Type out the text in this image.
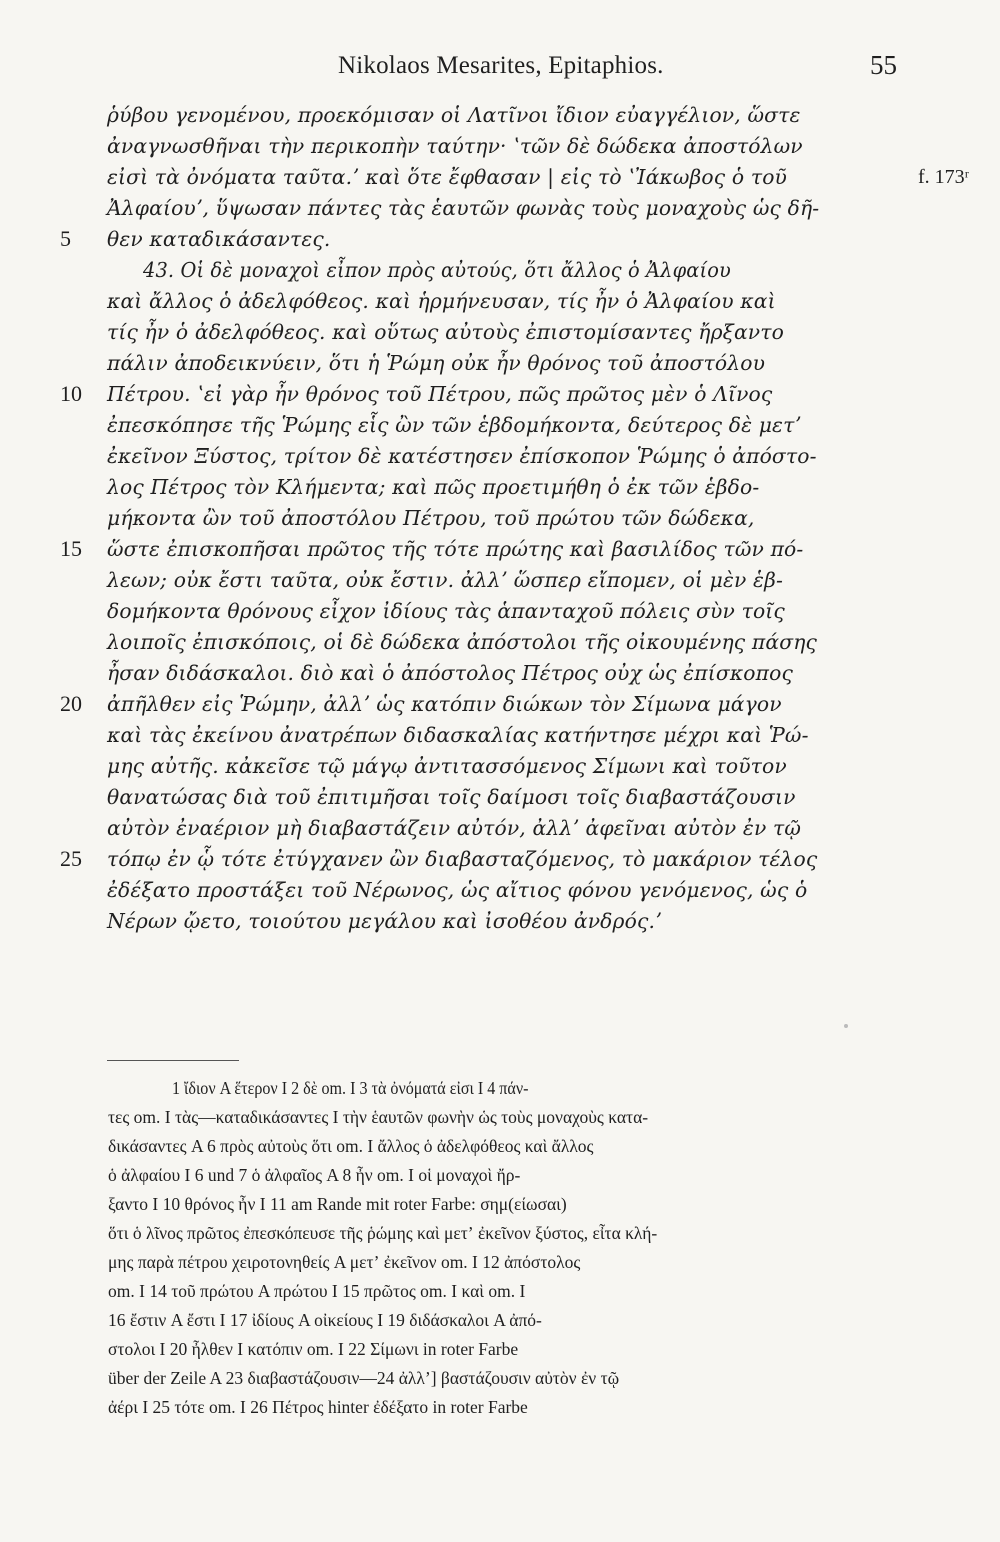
Nikolaos Mesarites, Epitaphios.	55
ῥύβου γενομένου, προεκόμισαν οἱ Λατῖνοι ἴδιον εὐαγγέλιον, ὥστε
ἀναγνωσθῆναι τὴν περικοπὴν ταύτην· ʽτῶν δὲ δώδεκα ἀποστόλων
εἰσὶ τὰ ὀνόματα ταῦτα.ʼ καὶ ὅτε ἔφθασαν | εἰς τὸ ʽἸάκωβος ὁ τοῦ
Ἀλφαίουʼ, ὕψωσαν πάντες τὰς ἑαυτῶν φωνὰς τοὺς μοναχοὺς ὡς δῆ-
θεν καταδικάσαντες.
43. Οἱ δὲ μοναχοὶ εἶπον πρὸς αὐτούς, ὅτι ἄλλος ὁ Ἀλφαίου
καὶ ἄλλος ὁ ἀδελφόθεος. καὶ ἡρμήνευσαν, τίς ἦν ὁ Ἀλφαίου καὶ
τίς ἦν ὁ ἀδελφόθεος. καὶ οὕτως αὐτοὺς ἐπιστομίσαντες ἤρξαντο
πάλιν ἀποδεικνύειν, ὅτι ἡ Ῥώμη οὐκ ἦν θρόνος τοῦ ἀποστόλου
Πέτρου. ʽεἰ γὰρ ἦν θρόνος τοῦ Πέτρου, πῶς πρῶτος μὲν ὁ Λῖνος
ἐπεσκόπησε τῆς Ῥώμης εἷς ὢν τῶν ἑβδομήκοντα, δεύτερος δὲ μετʼ
ἐκεῖνον Ξύστος, τρίτον δὲ κατέστησεν ἐπίσκοπον Ῥώμης ὁ ἀπόστο-
λος Πέτρος τὸν Κλήμεντα; καὶ πῶς προετιμήθη ὁ ἐκ τῶν ἑβδο-
μήκοντα ὢν τοῦ ἀποστόλου Πέτρου, τοῦ πρώτου τῶν δώδεκα,
ὥστε ἐπισκοπῆσαι πρῶτος τῆς τότε πρώτης καὶ βασιλίδος τῶν πό-
λεων; οὐκ ἔστι ταῦτα, οὐκ ἔστιν. ἀλλʼ ὥσπερ εἴπομεν, οἱ μὲν ἑβ-
δομήκοντα θρόνους εἶχον ἰδίους τὰς ἁπανταχοῦ πόλεις σὺν τοῖς
λοιποῖς ἐπισκόποις, οἱ δὲ δώδεκα ἀπόστολοι τῆς οἰκουμένης πάσης
ἦσαν διδάσκαλοι. διὸ καὶ ὁ ἀπόστολος Πέτρος οὐχ ὡς ἐπίσκοπος
ἀπῆλθεν εἰς Ῥώμην, ἀλλʼ ὡς κατόπιν διώκων τὸν Σίμωνα μάγον
καὶ τὰς ἐκείνου ἀνατρέπων διδασκαλίας κατήντησε μέχρι καὶ Ῥώ-
μης αὐτῆς. κἀκεῖσε τῷ μάγῳ ἀντιτασσόμενος Σίμωνι καὶ τοῦτον
θανατώσας διὰ τοῦ ἐπιτιμῆσαι τοῖς δαίμοσι τοῖς διαβαστάζουσιν
αὐτὸν ἐναέριον μὴ διαβαστάζειν αὐτόν, ἀλλʼ ἀφεῖναι αὐτὸν ἐν τῷ
τόπῳ ἐν ᾧ τότε ἐτύγχανεν ὢν διαβασταζόμενος, τὸ μακάριον τέλος
ἐδέξατο προστάξει τοῦ Νέρωνος, ὡς αἴτιος φόνου γενόμενος, ὡς ὁ
Νέρων ᾤετο, τοιούτου μεγάλου καὶ ἰσοθέου ἀνδρός.ʼ
5
10
15
20
25
f. 173ʳ
1 ἴδιον A ἕτερον I 2 δὲ om. I 3 τὰ ὀνόματά εἰσι I 4 πάν-
τες om. I τὰς—καταδικάσαντες I τὴν ἑαυτῶν φωνὴν ὡς τοὺς μοναχοὺς κατα-
δικάσαντες A 6 πρὸς αὐτοὺς ὅτι om. I ἄλλος ὁ ἀδελφόθεος καὶ ἄλλος
ὁ ἀλφαίου I 6 und 7 ὁ ἀλφαῖος A 8 ἦν om. I οἱ μοναχοὶ ἤρ-
ξαντο I 10 θρόνος ἦν I 11 am Rande mit roter Farbe: σημ(είωσαι)
ὅτι ὁ λῖνος πρῶτος ἐπεσκόπευσε τῆς ῥώμης καὶ μετʼ ἐκεῖνον ξύστος, εἶτα κλή-
μης παρὰ πέτρου χειροτονηθείς A μετʼ ἐκεῖνον om. I 12 ἀπόστολος
om. I 14 τοῦ πρώτου A πρώτου I 15 πρῶτος om. I καὶ om. I
16 ἔστιν A ἔστι I 17 ἰδίους A οἰκείους I 19 διδάσκαλοι A ἀπό-
στολοι I 20 ἦλθεν I κατόπιν om. I 22 Σίμωνι in roter Farbe
über der Zeile A 23 διαβαστάζουσιν—24 ἀλλʼ] βαστάζουσιν αὐτὸν ἐν τῷ
ἀέρι I 25 τότε om. I 26 Πέτρος hinter ἐδέξατο in roter Farbe
